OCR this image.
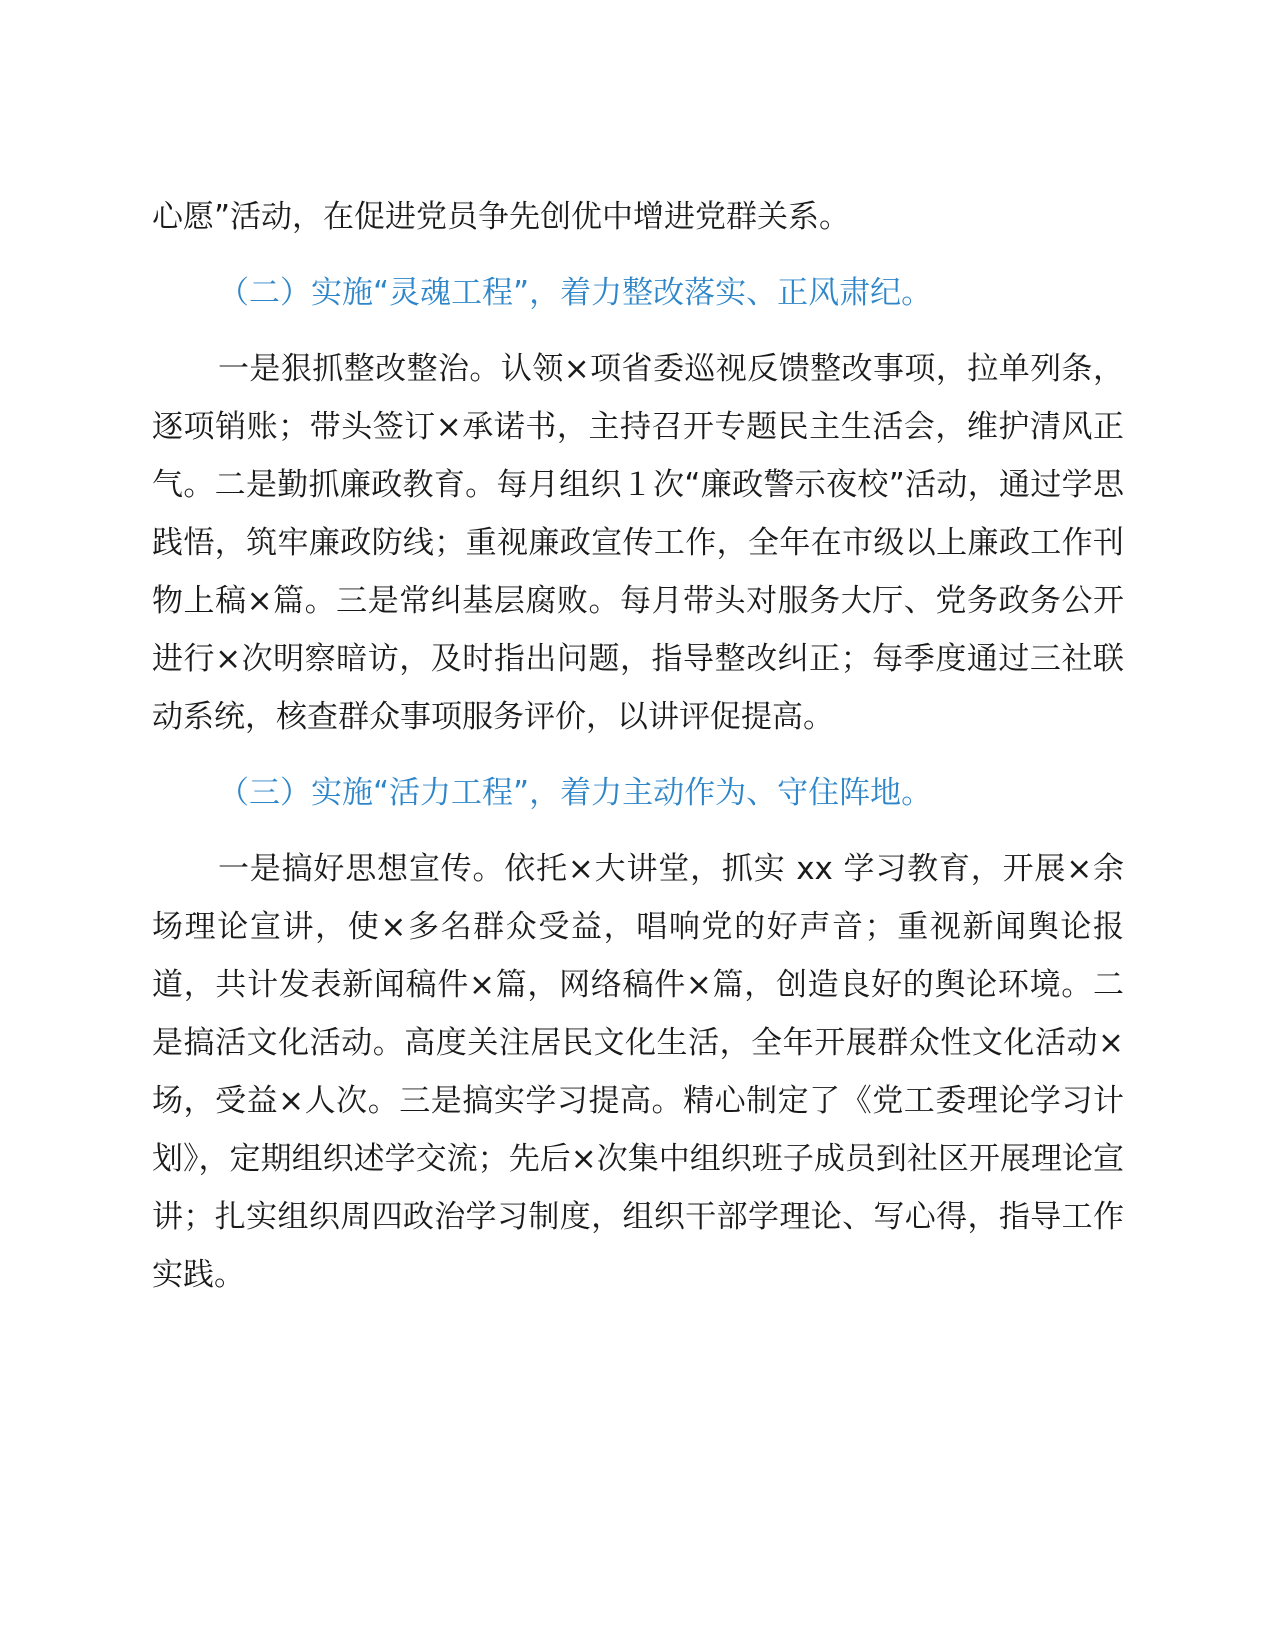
心愿”活动，在促进党员争先创优中增进党群关系。

（二）实施“灵魂工程”，着力整改落实、正风肃纪。

一是狠抓整改整治。认领×项省委巡视反馈整改事项，拉单列条，逐项销账；带头签订×承诺书，主持召开专题民主生活会，维护清风正气。二是勤抓廉政教育。每月组织１次“廉政警示夜校”活动，通过学思践悟，筑牢廉政防线；重视廉政宣传工作，全年在市级以上廉政工作刊物上稿×篇。三是常纠基层腐败。每月带头对服务大厅、党务政务公开进行×次明察暗访，及时指出问题，指导整改纠正；每季度通过三社联动系统，核查群众事项服务评价，以讲评促提高。

（三）实施“活力工程”，着力主动作为、守住阵地。

一是搞好思想宣传。依托×大讲堂，抓实 xx 学习教育，开展×余场理论宣讲，使×多名群众受益，唱响党的好声音；重视新闻舆论报道，共计发表新闻稿件×篇，网络稿件×篇，创造良好的舆论环境。二是搞活文化活动。高度关注居民文化生活，全年开展群众性文化活动×场，受益×人次。三是搞实学习提高。精心制定了《党工委理论学习计划》，定期组织述学交流；先后×次集中组织班子成员到社区开展理论宣讲；扎实组织周四政治学习制度，组织干部学理论、写心得，指导工作实践。
